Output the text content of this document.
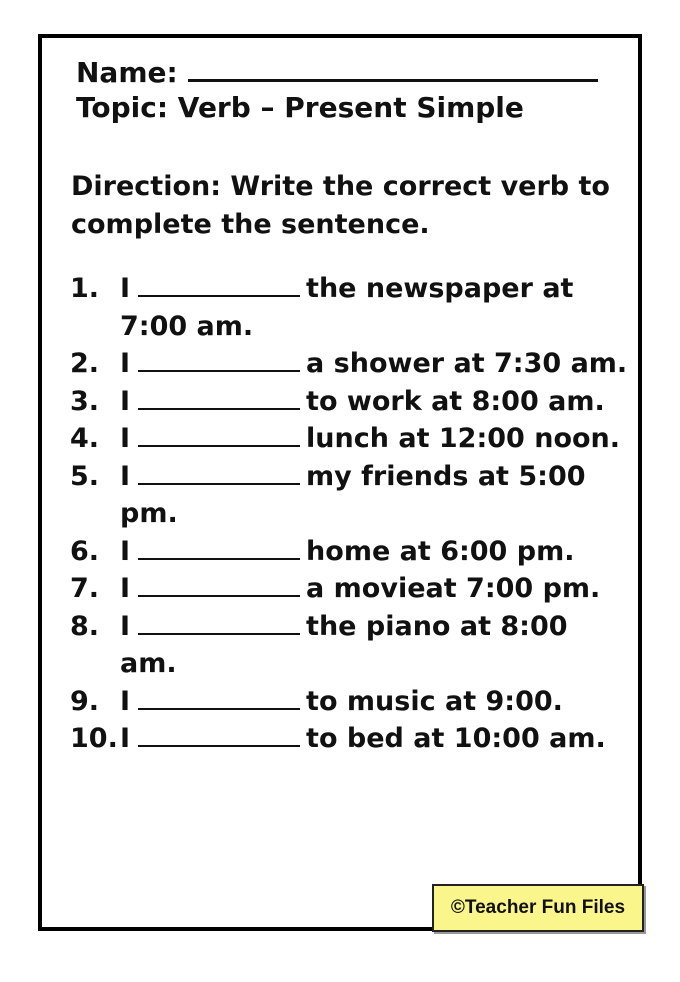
Name:
Topic: Verb – Present Simple
Direction: Write the correct verb to complete the sentence.
1. I	the newspaper at 7:00 am.
2. I	a shower at 7:30 am.
3. I	to work at 8:00 am.
4. I	lunch at 12:00 noon.
5. I	my friends at 5:00 pm.
6. I	home at 6:00 pm.
7. I	a movieat 7:00 pm.
8. I	the piano at 8:00 am.
9. I	to music at 9:00.
10. I	to bed at 10:00 am.
©Teacher Fun Files
